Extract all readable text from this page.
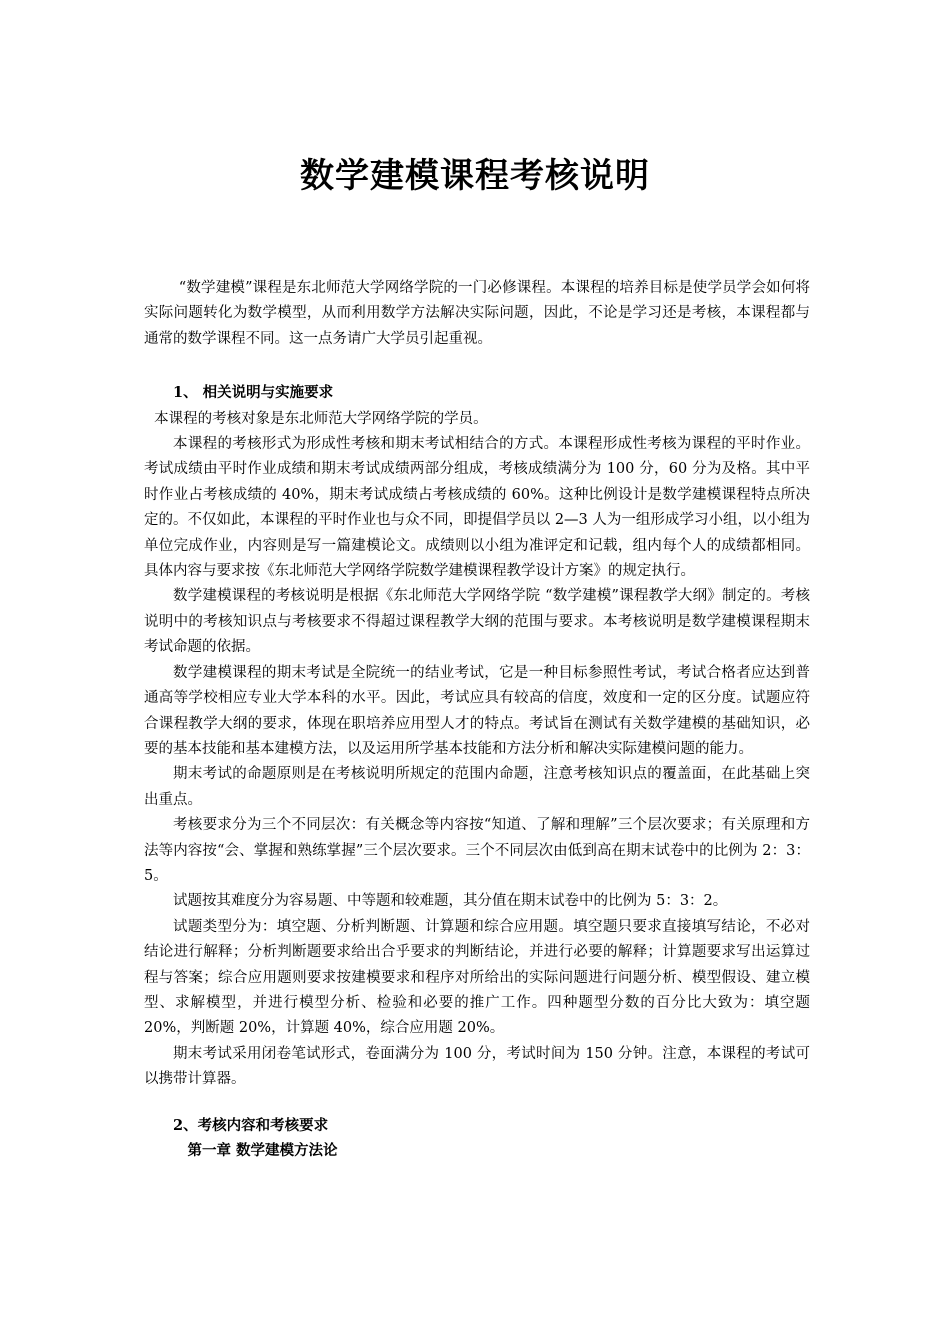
数学建模课程考核说明

“数学建模”课程是东北师范大学网络学院的一门必修课程。本课程的培养目标是使学员学会如何将实际问题转化为数学模型，从而利用数学方法解决实际问题，因此，不论是学习还是考核，本课程都与通常的数学课程不同。这一点务请广大学员引起重视。

1、 相关说明与实施要求

本课程的考核对象是东北师范大学网络学院的学员。

本课程的考核形式为形成性考核和期末考试相结合的方式。本课程形成性考核为课程的平时作业。考试成绩由平时作业成绩和期末考试成绩两部分组成，考核成绩满分为 100 分，60 分为及格。其中平时作业占考核成绩的 40%，期末考试成绩占考核成绩的 60%。这种比例设计是数学建模课程特点所决定的。不仅如此，本课程的平时作业也与众不同，即提倡学员以 2—3 人为一组形成学习小组，以小组为单位完成作业，内容则是写一篇建模论文。成绩则以小组为准评定和记载，组内每个人的成绩都相同。具体内容与要求按《东北师范大学网络学院数学建模课程教学设计方案》的规定执行。

数学建模课程的考核说明是根据《东北师范大学网络学院 “数学建模”课程教学大纲》制定的。考核说明中的考核知识点与考核要求不得超过课程教学大纲的范围与要求。本考核说明是数学建模课程期末考试命题的依据。

数学建模课程的期末考试是全院统一的结业考试，它是一种目标参照性考试，考试合格者应达到普通高等学校相应专业大学本科的水平。因此，考试应具有较高的信度，效度和一定的区分度。试题应符合课程教学大纲的要求，体现在职培养应用型人才的特点。考试旨在测试有关数学建模的基础知识，必要的基本技能和基本建模方法，以及运用所学基本技能和方法分析和解决实际建模问题的能力。

期末考试的命题原则是在考核说明所规定的范围内命题，注意考核知识点的覆盖面，在此基础上突出重点。

考核要求分为三个不同层次：有关概念等内容按“知道、了解和理解”三个层次要求；有关原理和方法等内容按“会、掌握和熟练掌握”三个层次要求。三个不同层次由低到高在期末试卷中的比例为 2：3：5。

试题按其难度分为容易题、中等题和较难题，其分值在期末试卷中的比例为 5：3：2。

试题类型分为：填空题、分析判断题、计算题和综合应用题。填空题只要求直接填写结论，不必对结论进行解释；分析判断题要求给出合乎要求的判断结论，并进行必要的解释；计算题要求写出运算过程与答案；综合应用题则要求按建模要求和程序对所给出的实际问题进行问题分析、模型假设、建立模型、求解模型，并进行模型分析、检验和必要的推广工作。四种题型分数的百分比大致为：填空题 20%，判断题 20%，计算题 40%，综合应用题 20%。

期末考试采用闭卷笔试形式，卷面满分为 100 分，考试时间为 150 分钟。注意，本课程的考试可以携带计算器。

2、考核内容和考核要求

第一章 数学建模方法论
